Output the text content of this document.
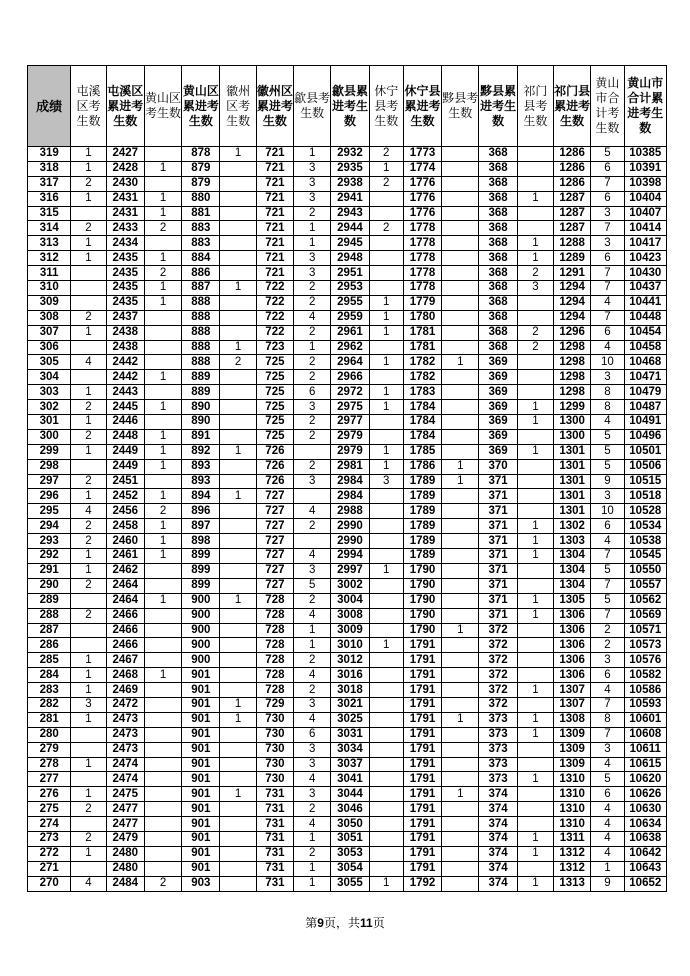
成绩	屯溪区考生数	屯溪区累进考生数	黄山区考生数	黄山区累进考生数	徽州区考生数	徽州区累进考生数	歙县考生数	歙县累进考生数	休宁县考生数	休宁县累进考生数	黟县考生数	黟县累进考生数	祁门县考生数	祁门县累进考生数	黄山市合计考生数	黄山市合计累进考生数
319	1	2427		878	1	721	1	2932	2	1773		368		1286	5	10385
318	1	2428	1	879		721	3	2935	1	1774		368		1286	6	10391
317	2	2430		879		721	3	2938	2	1776		368		1286	7	10398
316	1	2431	1	880		721	3	2941		1776		368	1	1287	6	10404
315		2431	1	881		721	2	2943		1776		368		1287	3	10407
314	2	2433	2	883		721	1	2944	2	1778		368		1287	7	10414
313	1	2434		883		721	1	2945		1778		368	1	1288	3	10417
312	1	2435	1	884		721	3	2948		1778		368	1	1289	6	10423
311		2435	2	886		721	3	2951		1778		368	2	1291	7	10430
310		2435	1	887	1	722	2	2953		1778		368	3	1294	7	10437
309		2435	1	888		722	2	2955	1	1779		368		1294	4	10441
308	2	2437		888		722	4	2959	1	1780		368		1294	7	10448
307	1	2438		888		722	2	2961	1	1781		368	2	1296	6	10454
306		2438		888	1	723	1	2962		1781		368	2	1298	4	10458
305	4	2442		888	2	725	2	2964	1	1782	1	369		1298	10	10468
304		2442	1	889		725	2	2966		1782		369		1298	3	10471
303	1	2443		889		725	6	2972	1	1783		369		1298	8	10479
302	2	2445	1	890		725	3	2975	1	1784		369	1	1299	8	10487
301	1	2446		890		725	2	2977		1784		369	1	1300	4	10491
300	2	2448	1	891		725	2	2979		1784		369		1300	5	10496
299	1	2449	1	892	1	726		2979	1	1785		369	1	1301	5	10501
298		2449	1	893		726	2	2981	1	1786	1	370		1301	5	10506
297	2	2451		893		726	3	2984	3	1789	1	371		1301	9	10515
296	1	2452	1	894	1	727		2984		1789		371		1301	3	10518
295	4	2456	2	896		727	4	2988		1789		371		1301	10	10528
294	2	2458	1	897		727	2	2990		1789		371	1	1302	6	10534
293	2	2460	1	898		727		2990		1789		371	1	1303	4	10538
292	1	2461	1	899		727	4	2994		1789		371	1	1304	7	10545
291	1	2462		899		727	3	2997	1	1790		371		1304	5	10550
290	2	2464		899		727	5	3002		1790		371		1304	7	10557
289		2464	1	900	1	728	2	3004		1790		371	1	1305	5	10562
288	2	2466		900		728	4	3008		1790		371	1	1306	7	10569
287		2466		900		728	1	3009		1790	1	372		1306	2	10571
286		2466		900		728	1	3010	1	1791		372		1306	2	10573
285	1	2467		900		728	2	3012		1791		372		1306	3	10576
284	1	2468	1	901		728	4	3016		1791		372		1306	6	10582
283	1	2469		901		728	2	3018		1791		372	1	1307	4	10586
282	3	2472		901	1	729	3	3021		1791		372		1307	7	10593
281	1	2473		901	1	730	4	3025		1791	1	373	1	1308	8	10601
280		2473		901		730	6	3031		1791		373	1	1309	7	10608
279		2473		901		730	3	3034		1791		373		1309	3	10611
278	1	2474		901		730	3	3037		1791		373		1309	4	10615
277		2474		901		730	4	3041		1791		373	1	1310	5	10620
276	1	2475		901	1	731	3	3044		1791	1	374		1310	6	10626
275	2	2477		901		731	2	3046		1791		374		1310	4	10630
274		2477		901		731	4	3050		1791		374		1310	4	10634
273	2	2479		901		731	1	3051		1791		374	1	1311	4	10638
272	1	2480		901		731	2	3053		1791		374	1	1312	4	10642
271		2480		901		731	1	3054		1791		374		1312	1	10643
270	4	2484	2	903		731	1	3055	1	1792		374	1	1313	9	10652
第9页，共11页
